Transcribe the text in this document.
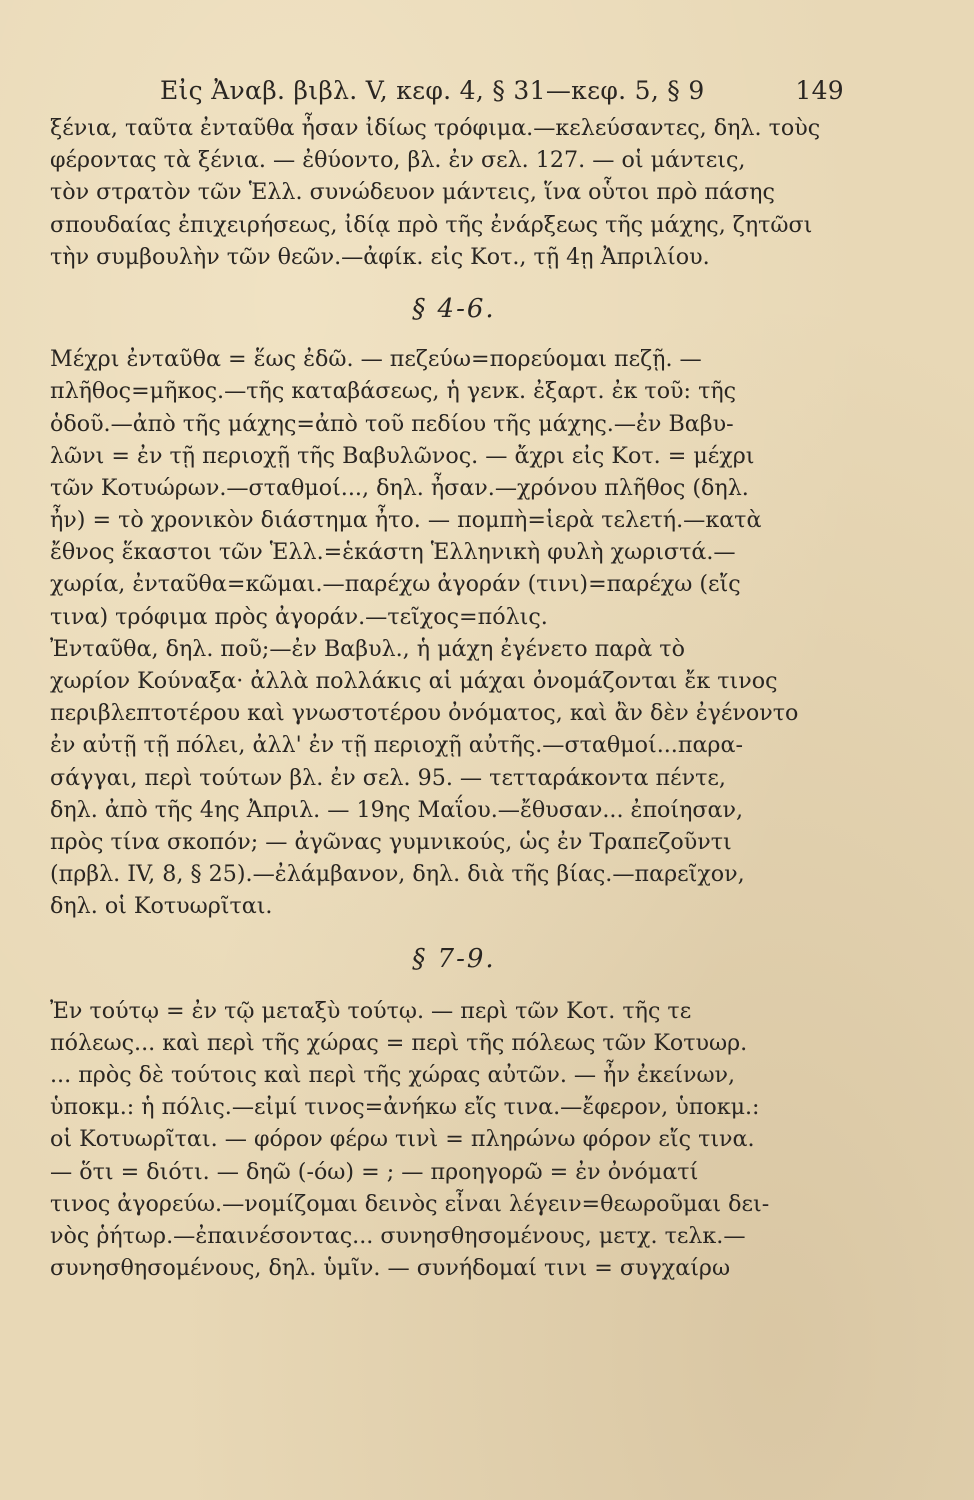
Εἰς Ἀναβ. βιβλ. V, κεφ. 4, § 31—κεφ. 5, § 9	149
ξένια, ταῦτα ἐνταῦθα ἦσαν ἰδίως τρόφιμα.—κελεύσαντες, δηλ. τοὺς
φέροντας τὰ ξένια. — ἐθύοντο, βλ. ἐν σελ. 127. — οἱ μάντεις,
τὸν στρατὸν τῶν Ἑλλ. συνώδευον μάντεις, ἵνα οὗτοι πρὸ πάσης
σπουδαίας ἐπιχειρήσεως, ἰδίᾳ πρὸ τῆς ἐνάρξεως τῆς μάχης, ζητῶσι
τὴν συμβουλὴν τῶν θεῶν.—ἀφίκ. εἰς Κοτ., τῇ 4ῃ Ἀπριλίου.
§ 4-6.
Μέχρι ἐνταῦθα = ἕως ἐδῶ. — πεζεύω=πορεύομαι πεζῇ. —
πλῆθος=μῆκος.—τῆς καταβάσεως, ἡ γενκ. ἐξαρτ. ἐκ τοῦ: τῆς
ὁδοῦ.—ἀπὸ τῆς μάχης=ἀπὸ τοῦ πεδίου τῆς μάχης.—ἐν Βαβυ-
λῶνι = ἐν τῇ περιοχῇ τῆς Βαβυλῶνος. — ἄχρι εἰς Κοτ. = μέχρι
τῶν Κοτυώρων.—σταθμοί..., δηλ. ἦσαν.—χρόνου πλῆθος (δηλ.
ἦν) = τὸ χρονικὸν διάστημα ἦτο. — πομπὴ=ἱερὰ τελετή.—κατὰ
ἔθνος ἕκαστοι τῶν Ἑλλ.=ἑκάστη Ἑλληνικὴ φυλὴ χωριστά.—
χωρία, ἐνταῦθα=κῶμαι.—παρέχω ἀγοράν (τινι)=παρέχω (εἴς
τινα) τρόφιμα πρὸς ἀγοράν.—τεῖχος=πόλις.
Ἐνταῦθα, δηλ. ποῦ;—ἐν Βαβυλ., ἡ μάχη ἐγένετο παρὰ τὸ
χωρίον Κούναξα· ἀλλὰ πολλάκις αἱ μάχαι ὀνομάζονται ἔκ τινος
περιβλεπτοτέρου καὶ γνωστοτέρου ὀνόματος, καὶ ἂν δὲν ἐγένοντο
ἐν αὐτῇ τῇ πόλει, ἀλλ' ἐν τῇ περιοχῇ αὐτῆς.—σταθμοί...παρα-
σάγγαι, περὶ τούτων βλ. ἐν σελ. 95. — τετταράκοντα πέντε,
δηλ. ἀπὸ τῆς 4ης Ἀπριλ. — 19ης Μαΐου.—ἔθυσαν... ἐποίησαν,
πρὸς τίνα σκοπόν; — ἀγῶνας γυμνικούς, ὡς ἐν Τραπεζοῦντι
(πρβλ. IV, 8, § 25).—ἐλάμβανον, δηλ. διὰ τῆς βίας.—παρεῖχον,
δηλ. οἱ Κοτυωρῖται.
§ 7-9.
Ἐν τούτῳ = ἐν τῷ μεταξὺ τούτῳ. — περὶ τῶν Κοτ. τῆς τε
πόλεως... καὶ περὶ τῆς χώρας = περὶ τῆς πόλεως τῶν Κοτυωρ.
... πρὸς δὲ τούτοις καὶ περὶ τῆς χώρας αὐτῶν. — ἦν ἐκείνων,
ὑποκμ.: ἡ πόλις.—εἰμί τινος=ἀνήκω εἴς τινα.—ἔφερον, ὑποκμ.:
οἱ Κοτυωρῖται. — φόρον φέρω τινὶ = πληρώνω φόρον εἴς τινα.
— ὅτι = διότι. — δηῶ (-όω) = ; — προηγορῶ = ἐν ὀνόματί
τινος ἀγορεύω.—νομίζομαι δεινὸς εἶναι λέγειν=θεωροῦμαι δει-
νὸς ῥήτωρ.—ἐπαινέσοντας... συνησθησομένους, μετχ. τελκ.—
συνησθησομένους, δηλ. ὑμῖν. — συνήδομαί τινι = συγχαίρω
